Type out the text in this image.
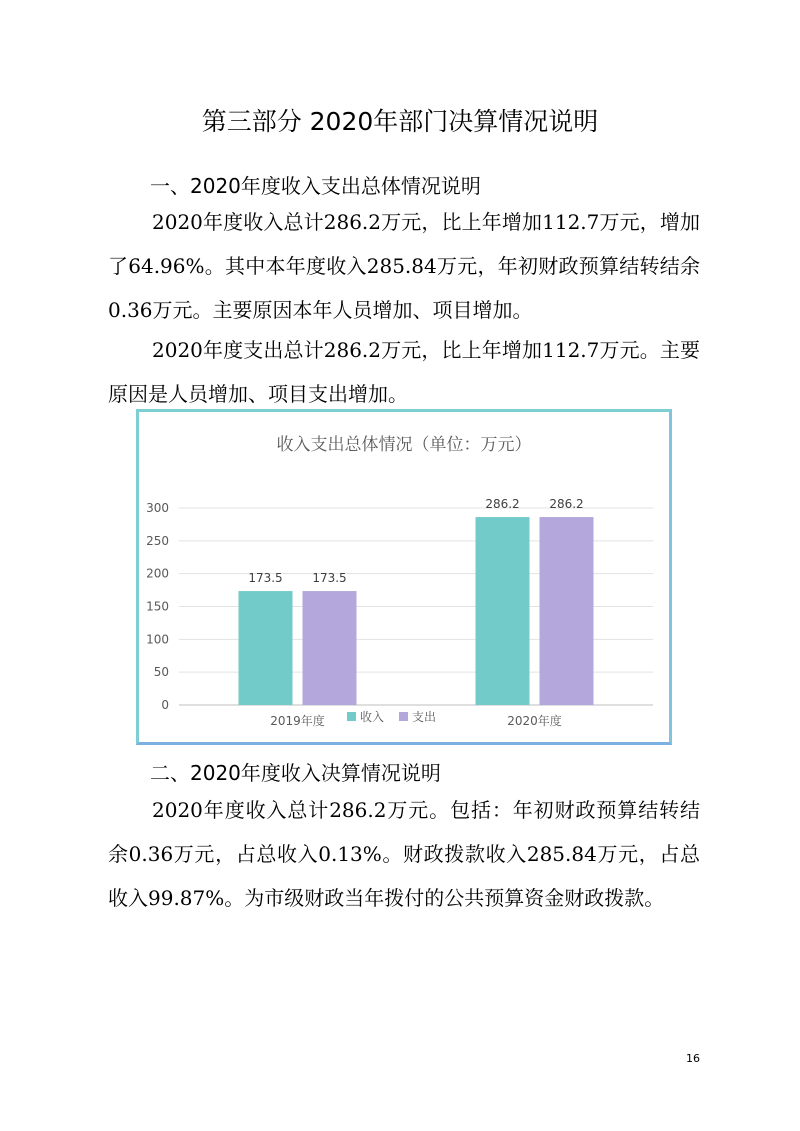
第三部分 2020年部门决算情况说明
一、2020年度收入支出总体情况说明

2020年度收入总计286.2万元，比上年增加112.7万元，增加了64.96%。其中本年度收入285.84万元，年初财政预算结转结余0.36万元。主要原因本年人员增加、项目增加。

2020年度支出总计286.2万元，比上年增加112.7万元。主要原因是人员增加、项目支出增加。

收入支出总体情况（单位：万元）
0
50
100
150
200
250
300
173.5 173.5
2019年度
286.2 286.2
2020年度
收入 支出
二、2020年度收入决算情况说明

2020年度收入总计286.2万元。包括：年初财政预算结转结余0.36万元，占总收入0.13%。财政拨款收入285.84万元，占总收入99.87%。为市级财政当年拨付的公共预算资金财政拨款。

16
